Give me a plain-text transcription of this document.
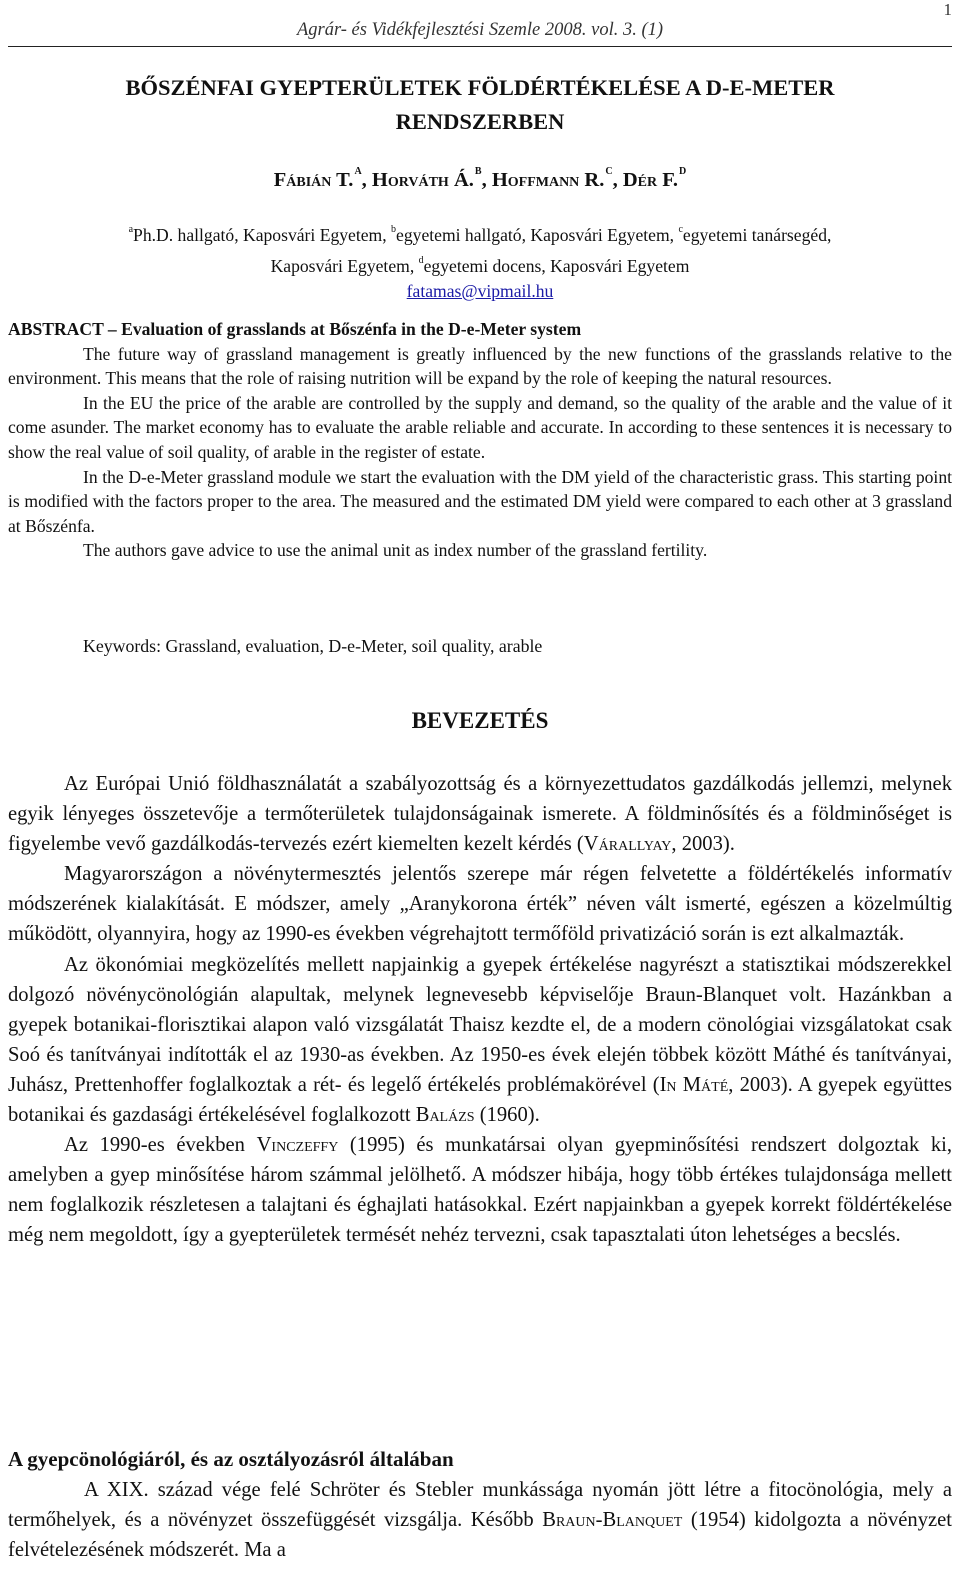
Agrár- és Vidékfejlesztési Szemle 2008. vol. 3. (1)
1
BŐSZÉNFAI GYEPTERÜLETEK FÖLDÉRTÉKELÉSE A D-E-METER
RENDSZERBEN
Fábián T.$^A$, Horváth Á.$^B$, Hoffmann R.$^C$, Dér F.$^D$
$^a$Ph.D. hallgató, Kaposvári Egyetem, $^b$egyetemi hallgató, Kaposvári Egyetem, $^c$egyetemi tanársegéd,
Kaposvári Egyetem, $^d$egyetemi docens, Kaposvári Egyetem
fatamas@vipmail.hu

ABSTRACT – Evaluation of grasslands at Bőszénfa in the D-e-Meter system

The future way of grassland management is greatly influenced by the new functions of the grasslands relative to the environment. This means that the role of raising nutrition will be expand by the role of keeping the natural resources.

In the EU the price of the arable are controlled by the supply and demand, so the quality of the arable and the value of it come asunder. The market economy has to evaluate the arable reliable and accurate. In according to these sentences it is necessary to show the real value of soil quality, of arable in the register of estate.

In the D-e-Meter grassland module we start the evaluation with the DM yield of the characteristic grass. This starting point is modified with the factors proper to the area. The measured and the estimated DM yield were compared to each other at 3 grassland at Bőszénfa.

The authors gave advice to use the animal unit as index number of the grassland fertility.

Keywords: Grassland, evaluation, D-e-Meter, soil quality, arable
BEVEZETÉS

Az Európai Unió földhasználatát a szabályozottság és a környezettudatos gazdálkodás jellemzi, melynek egyik lényeges összetevője a termőterületek tulajdonságainak ismerete. A földminősítés és a földminőséget is figyelembe vevő gazdálkodás-tervezés ezért kiemelten kezelt kérdés (Várallyay, 2003).

Magyarországon a növénytermesztés jelentős szerepe már régen felvetette a földértékelés informatív módszerének kialakítását. E módszer, amely „Aranykorona érték” néven vált ismerté, egészen a közelmúltig működött, olyannyira, hogy az 1990-es években végrehajtott termőföld privatizáció során is ezt alkalmazták.

Az ökonómiai megközelítés mellett napjainkig a gyepek értékelése nagyrészt a statisztikai módszerekkel dolgozó növénycönológián alapultak, melynek legnevesebb képviselője Braun-Blanquet volt. Hazánkban a gyepek botanikai-florisztikai alapon való vizsgálatát Thaisz kezdte el, de a modern cönológiai vizsgálatokat csak Soó és tanítványai indították el az 1930-as években. Az 1950-es évek elején többek között Máthé és tanítványai, Juhász, Prettenhoffer foglalkoztak a rét- és legelő értékelés problémakörével (In Máté, 2003). A gyepek együttes botanikai és gazdasági értékelésével foglalkozott Balázs (1960).

Az 1990-es években Vinczeffy (1995) és munkatársai olyan gyepminősítési rendszert dolgoztak ki, amelyben a gyep minősítése három számmal jelölhető. A módszer hibája, hogy több értékes tulajdonsága mellett nem foglalkozik részletesen a talajtani és éghajlati hatásokkal. Ezért napjainkban a gyepek korrekt földértékelése még nem megoldott, így a gyepterületek termését nehéz tervezni, csak tapasztalati úton lehetséges a becslés.

A gyepcönológiáról, és az osztályozásról általában

A XIX. század vége felé Schröter és Stebler munkássága nyomán jött létre a fitocönológia, mely a termőhelyek, és a növényzet összefüggését vizsgálja. Később Braun-Blanquet (1954) kidolgozta a növényzet felvételezésének módszerét. Ma a
